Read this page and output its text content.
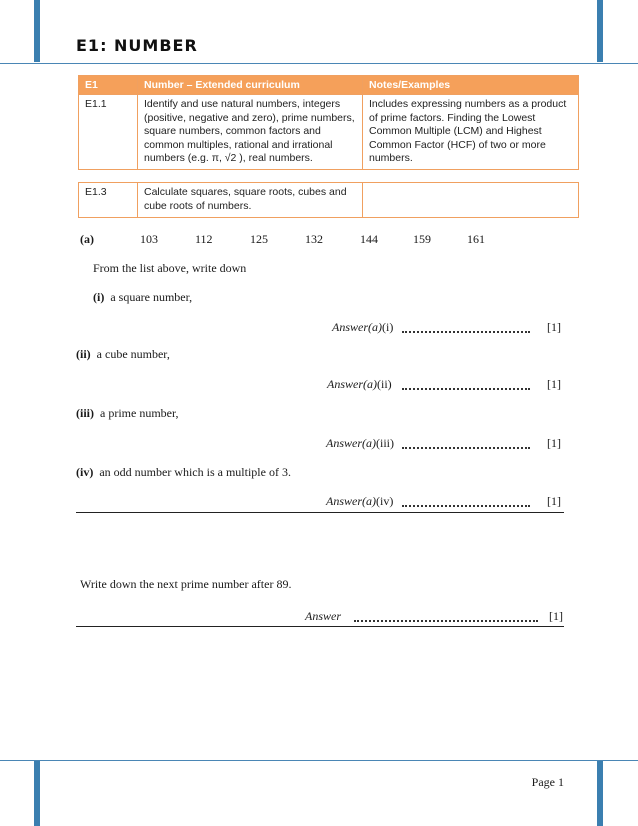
E1: NUMBER
E1	Number – Extended curriculum	Notes/Examples
E1.1	Identify and use natural numbers, integers (positive, negative and zero), prime numbers, square numbers, common factors and common multiples, rational and irrational numbers (e.g. π, √2 ), real numbers.	Includes expressing numbers as a product of prime factors. Finding the Lowest Common Multiple (LCM) and Highest Common Factor (HCF) of two or more numbers.
E1.3	Calculate squares, square roots, cubes and cube roots of numbers.	
(a)	103	112	125	132	144	159	161
From the list above, write down
(i) a square number,
Answer(a)(i)	[1]
(ii) a cube number,
Answer(a)(ii)	[1]
(iii) a prime number,
Answer(a)(iii)	[1]
(iv) an odd number which is a multiple of 3.
Answer(a)(iv)	[1]
Write down the next prime number after 89.
Answer	[1]
Page 1
